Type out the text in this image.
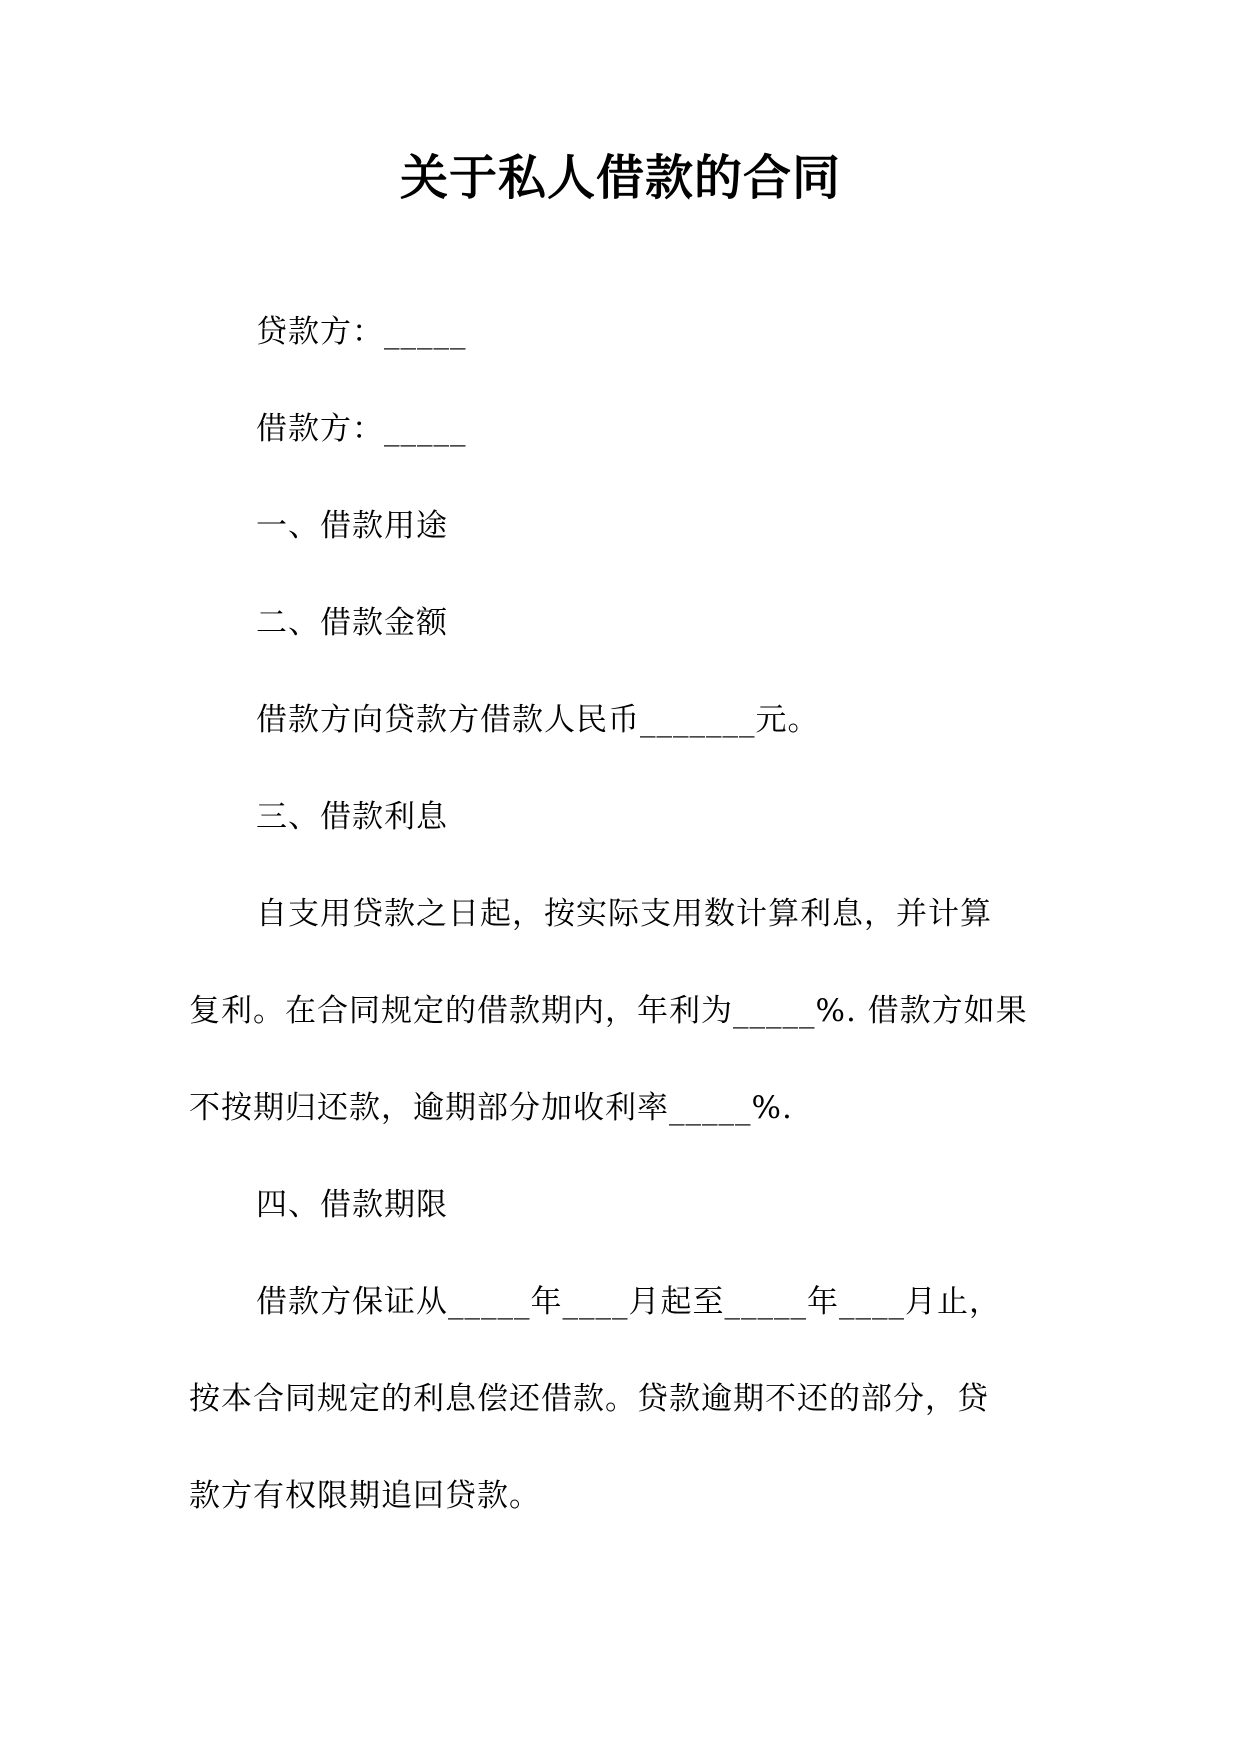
关于私人借款的合同
贷款方：_____
借款方：_____
一、借款用途
二、借款金额
借款方向贷款方借款人民币_______元。
三、借款利息
自支用贷款之日起，按实际支用数计算利息，并计算
复利。在合同规定的借款期内，年利为_____%. 借款方如果
不按期归还款，逾期部分加收利率_____%.
四、借款期限
借款方保证从_____年____月起至_____年____月止，
按本合同规定的利息偿还借款。贷款逾期不还的部分，贷
款方有权限期追回贷款。
